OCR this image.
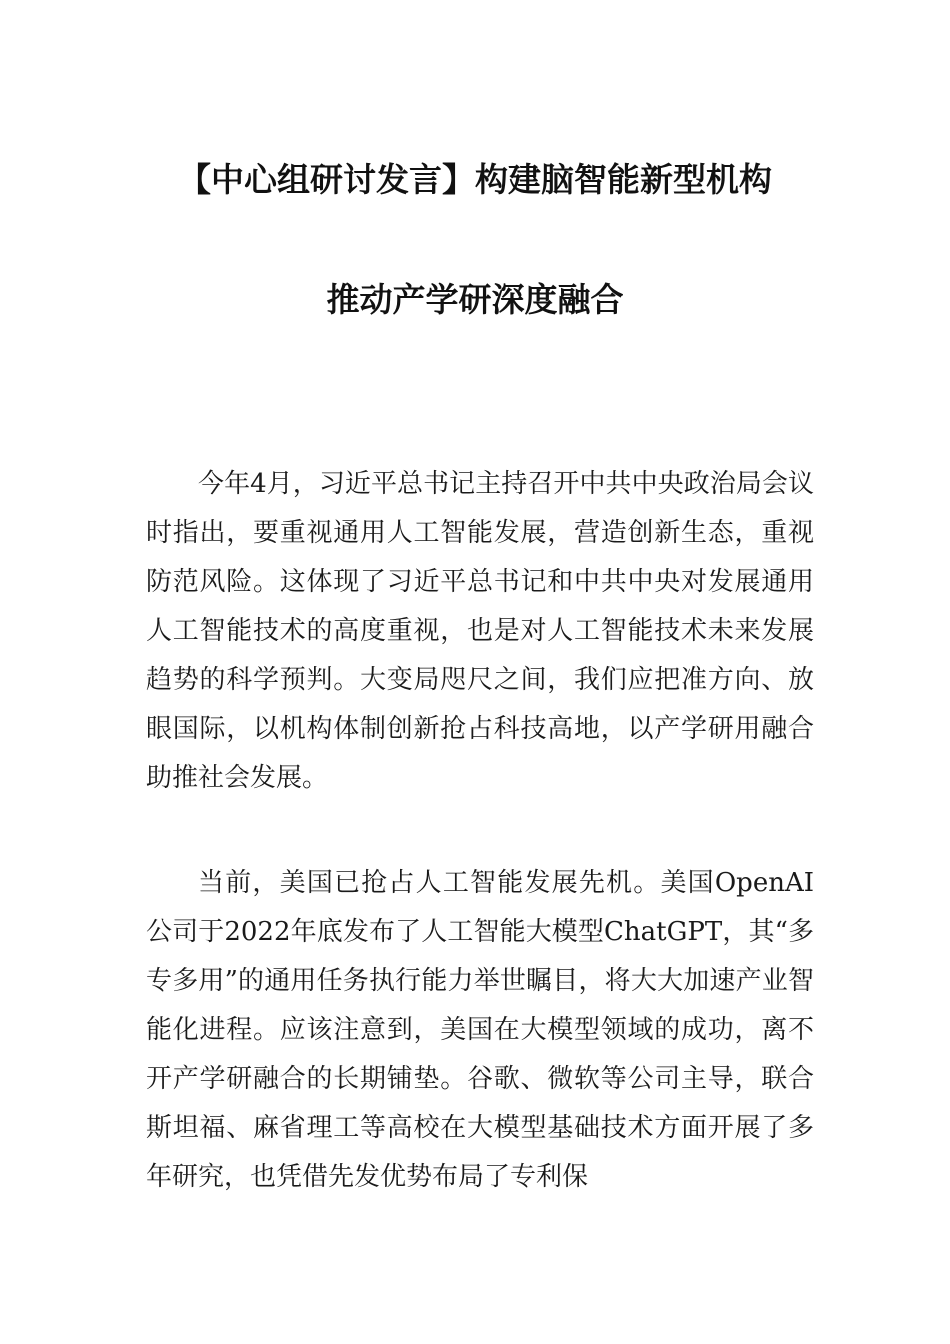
【中心组研讨发言】构建脑智能新型机构
推动产学研深度融合

今年4月，习近平总书记主持召开中共中央政治局会议时指出，要重视通用人工智能发展，营造创新生态，重视防范风险。这体现了习近平总书记和中共中央对发展通用人工智能技术的高度重视，也是对人工智能技术未来发展趋势的科学预判。大变局咫尺之间，我们应把准方向、放眼国际，以机构体制创新抢占科技高地，以产学研用融合助推社会发展。

当前，美国已抢占人工智能发展先机。美国OpenAI公司于2022年底发布了人工智能大模型ChatGPT，其“多专多用”的通用任务执行能力举世瞩目，将大大加速产业智能化进程。应该注意到，美国在大模型领域的成功，离不开产学研融合的长期铺垫。谷歌、微软等公司主导，联合斯坦福、麻省理工等高校在大模型基础技术方面开展了多年研究，也凭借先发优势布局了专利保
